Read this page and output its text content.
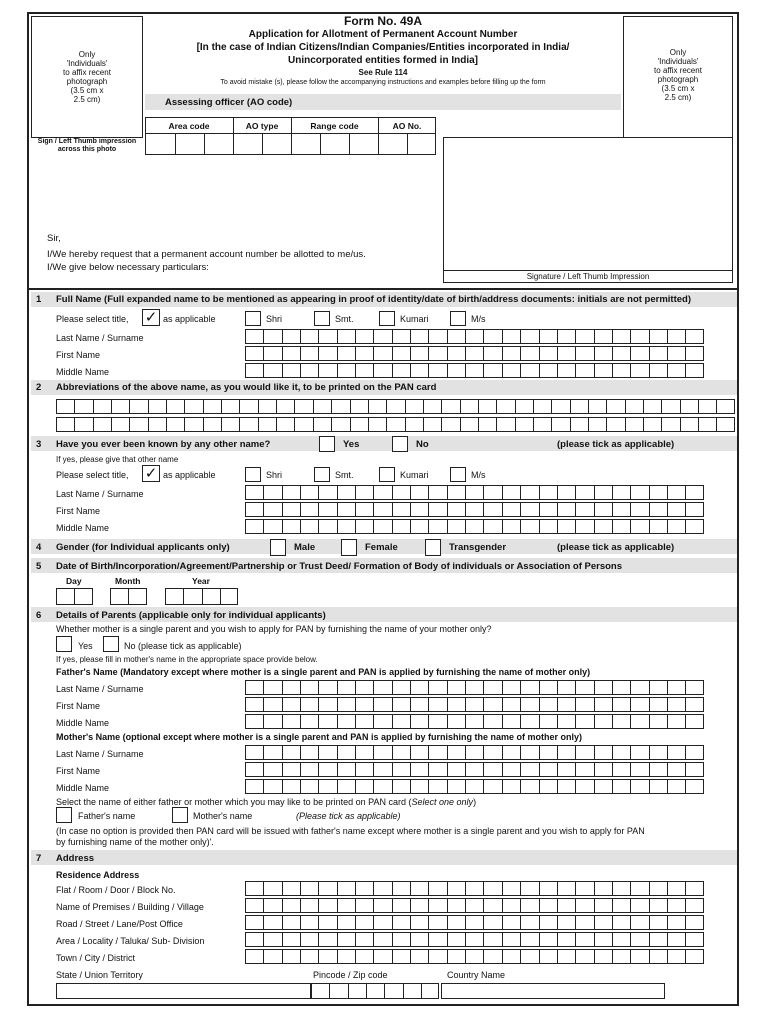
Only
'Individuals'
to affix recent
photograph
(3.5 cm x
2.5 cm)
Sign / Left Thumb impression across this photo
Only
'Individuals'
to affix recent
photograph
(3.5 cm x
2.5 cm)
Form No. 49A
Application for Allotment of Permanent Account Number
[In the case of Indian Citizens/Indian Companies/Entities incorporated in India/
Unincorporated entities formed in India]
See Rule 114
To avoid mistake (s), please follow the accompanying instructions and examples before filling up the form
Assessing officer (AO code)
Area code	AO type	Range code	AO No.
Signature / Left Thumb Impression
Sir,
I/We hereby request that a permanent account number be allotted to me/us.
I/We give below necessary particulars:
1 Full Name (Full expanded name to be mentioned as appearing in proof of identity/date of birth/address documents: initials are not permitted)
Please select title, ✓ as applicable	Shri	Smt.	Kumari	M/s
Last Name / Surname
First Name
Middle Name
2 Abbreviations of the above name, as you would like it, to be printed on the PAN card
3 Have you ever been known by any other name?	Yes	No	(please tick as applicable)
If yes, please give that other name
Please select title, ✓ as applicable	Shri	Smt.	Kumari	M/s
Last Name / Surname
First Name
Middle Name
4 Gender (for Individual applicants only)	Male	Female	Transgender	(please tick as applicable)
5 Date of Birth/Incorporation/Agreement/Partnership or Trust Deed/ Formation of Body of individuals or Association of Persons
Day	Month	Year
6 Details of Parents (applicable only for individual applicants)
Whether mother is a single parent and you wish to apply for PAN by furnishing the name of your mother only?
Yes	No (please tick as applicable)
If yes, please fill in mother's name in the appropriate space provide below.
Father's Name (Mandatory except where mother is a single parent and PAN is applied by furnishing the name of mother only)
Last Name / Surname
First Name
Middle Name
Mother's Name (optional except where mother is a single parent and PAN is applied by furnishing the name of mother only)
Last Name / Surname
First Name
Middle Name
Select the name of either father or mother which you may like to be printed on PAN card (Select one only)
Father's name	Mother's name	(Please tick as applicable)
(In case no option is provided then PAN card will be issued with father's name except where mother is a single parent and you wish to apply for PAN
by furnishing name of the mother only)'.
7 Address
Residence Address
Flat / Room / Door / Block No.
Name of Premises / Building / Village
Road / Street / Lane/Post Office
Area / Locality / Taluka/ Sub- Division
Town / City / District
State / Union Territory	Pincode / Zip code	Country Name
